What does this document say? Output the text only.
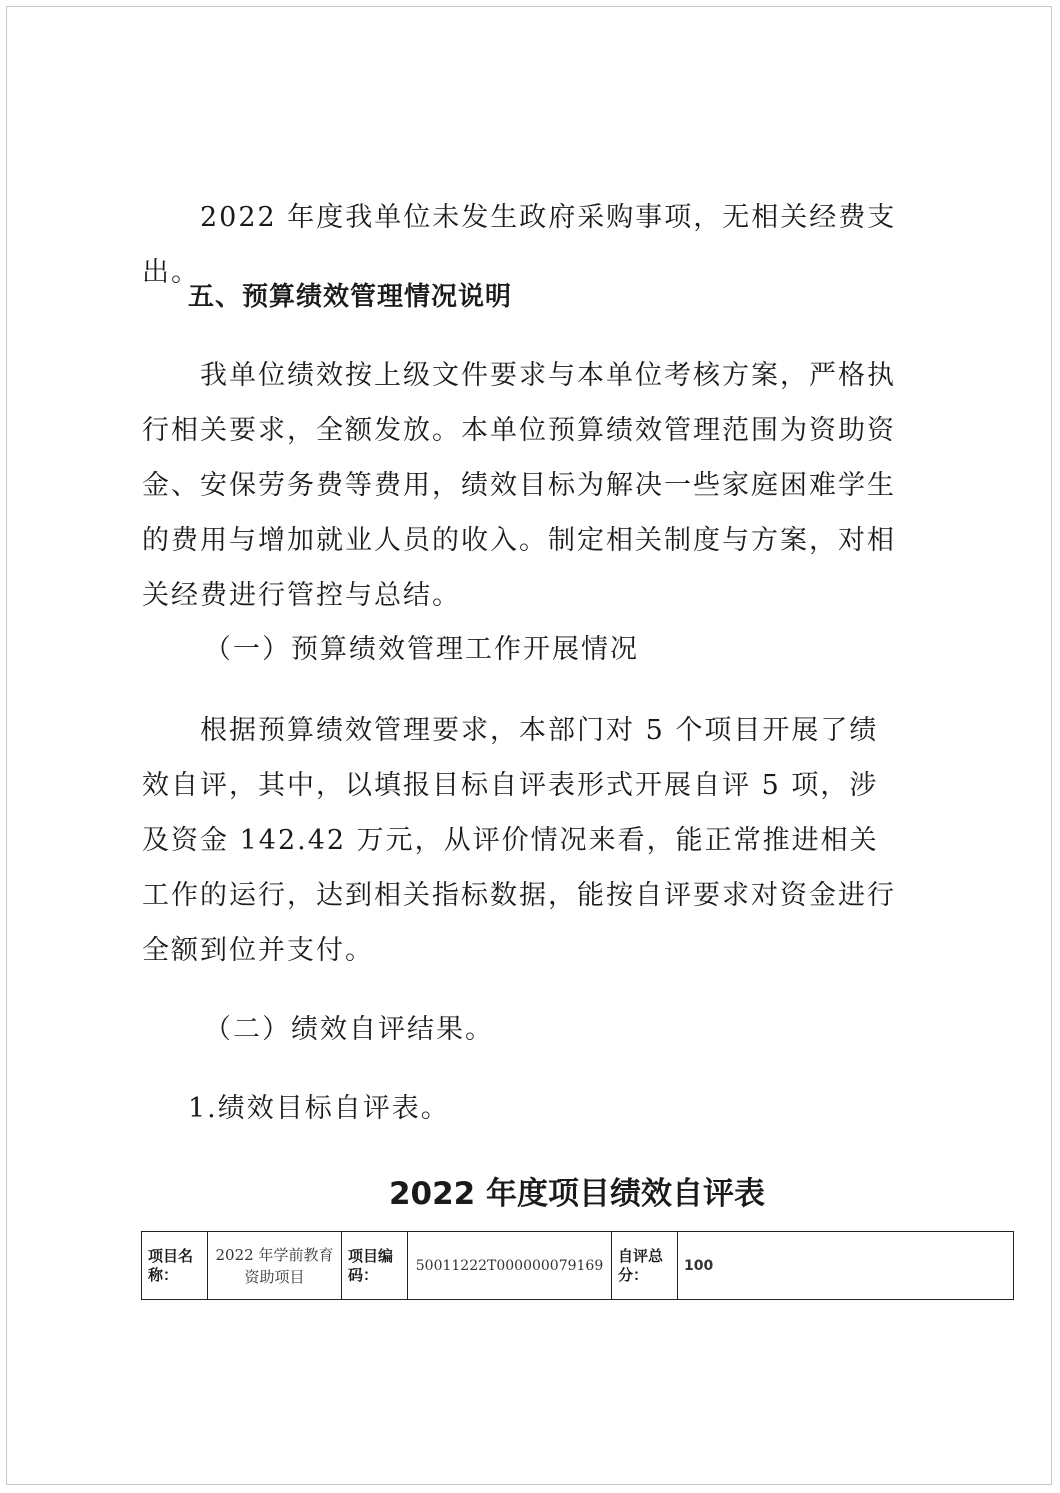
2022 年度我单位未发生政府采购事项，无相关经费支出。

五、预算绩效管理情况说明

我单位绩效按上级文件要求与本单位考核方案，严格执行相关要求，全额发放。本单位预算绩效管理范围为资助资金、安保劳务费等费用，绩效目标为解决一些家庭困难学生的费用与增加就业人员的收入。制定相关制度与方案，对相关经费进行管控与总结。

（一）预算绩效管理工作开展情况

根据预算绩效管理要求，本部门对 5 个项目开展了绩效自评，其中，以填报目标自评表形式开展自评 5 项，涉及资金 142.42 万元，从评价情况来看，能正常推进相关工作的运行，达到相关指标数据，能按自评要求对资金进行全额到位并支付。

（二）绩效自评结果。

1.绩效目标自评表。

2022 年度项目绩效自评表

项目名称：	2022 年学前教育资助项目	项目编码：	50011222T000000079169	自评总分：	100
